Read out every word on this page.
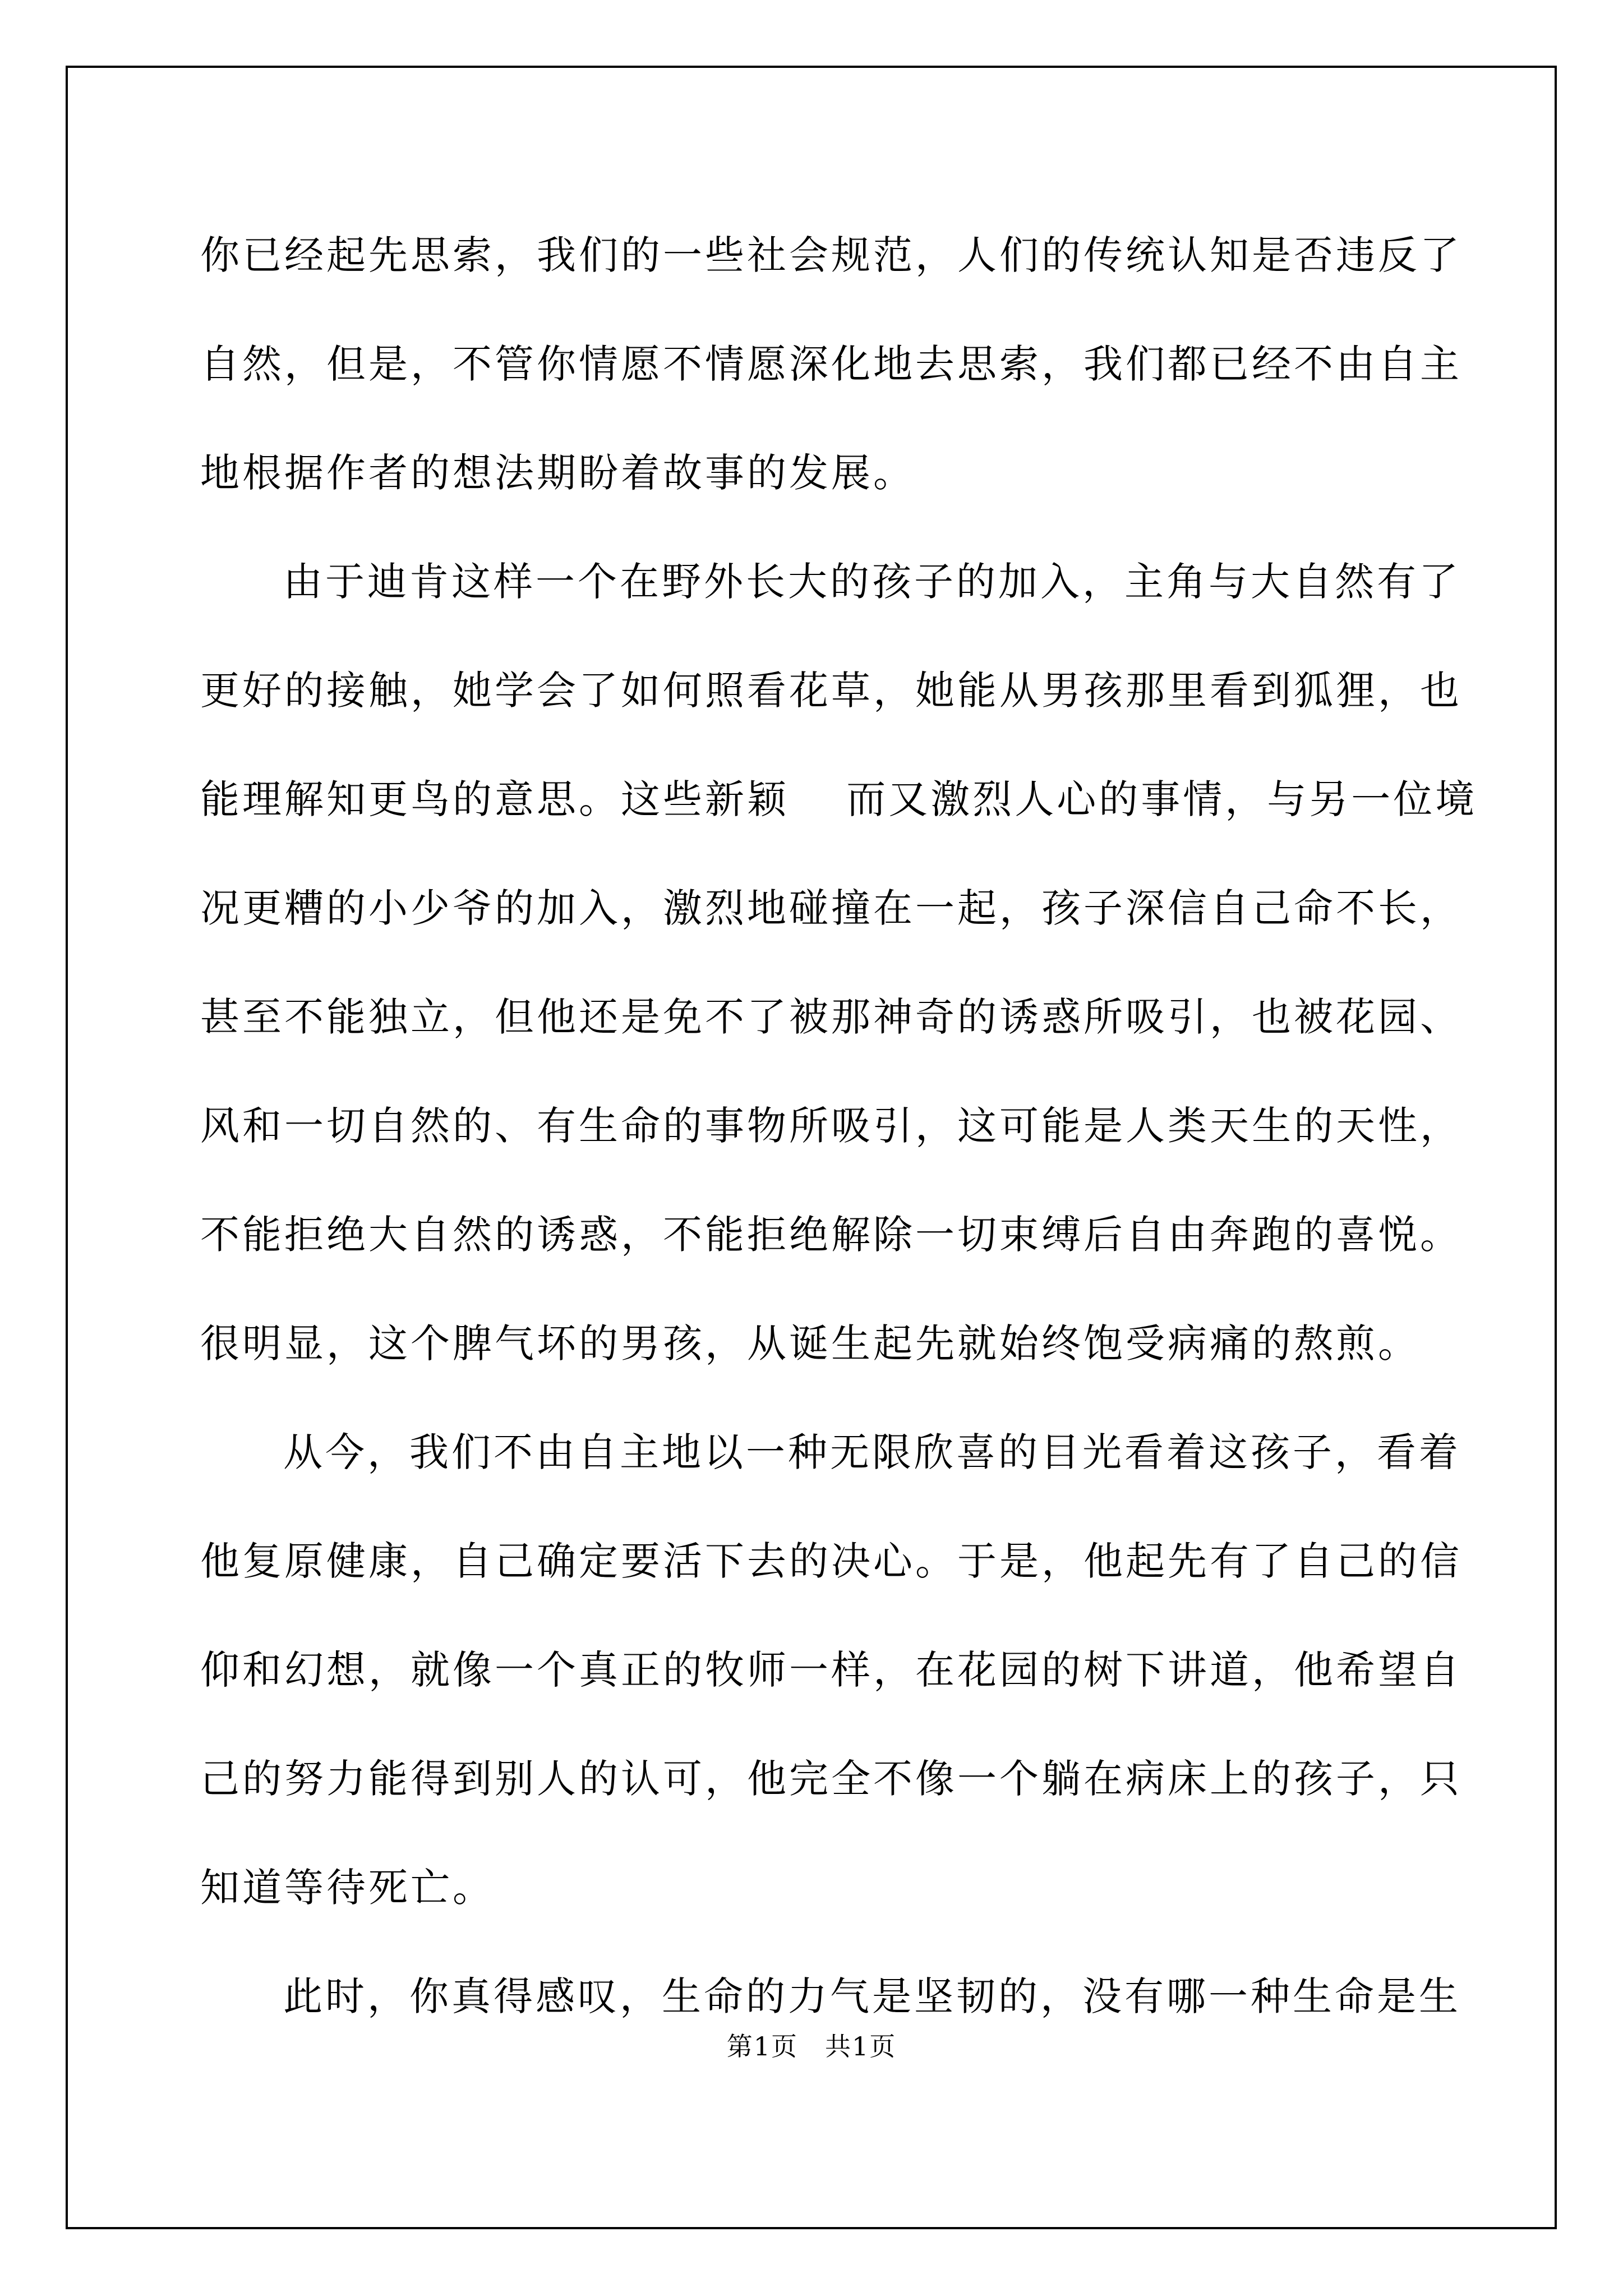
你已经起先思索，我们的一些社会规范，人们的传统认知是否违反了
自然，但是，不管你情愿不情愿深化地去思索，我们都已经不由自主
地根据作者的想法期盼着故事的发展。
由于迪肯这样一个在野外长大的孩子的加入，主角与大自然有了
更好的接触，她学会了如何照看花草，她能从男孩那里看到狐狸，也
能理解知更鸟的意思。这些新颖　 而又激烈人心的事情，与另一位境
况更糟的小少爷的加入，激烈地碰撞在一起，孩子深信自己命不长，
甚至不能独立，但他还是免不了被那神奇的诱惑所吸引，也被花园、
风和一切自然的、有生命的事物所吸引，这可能是人类天生的天性，
不能拒绝大自然的诱惑，不能拒绝解除一切束缚后自由奔跑的喜悦。
很明显，这个脾气坏的男孩，从诞生起先就始终饱受病痛的熬煎。
从今，我们不由自主地以一种无限欣喜的目光看着这孩子，看着
他复原健康，自己确定要活下去的决心。于是，他起先有了自己的信
仰和幻想，就像一个真正的牧师一样，在花园的树下讲道，他希望自
己的努力能得到别人的认可，他完全不像一个躺在病床上的孩子，只
知道等待死亡。
此时，你真得感叹，生命的力气是坚韧的，没有哪一种生命是生
第1页　共1页
